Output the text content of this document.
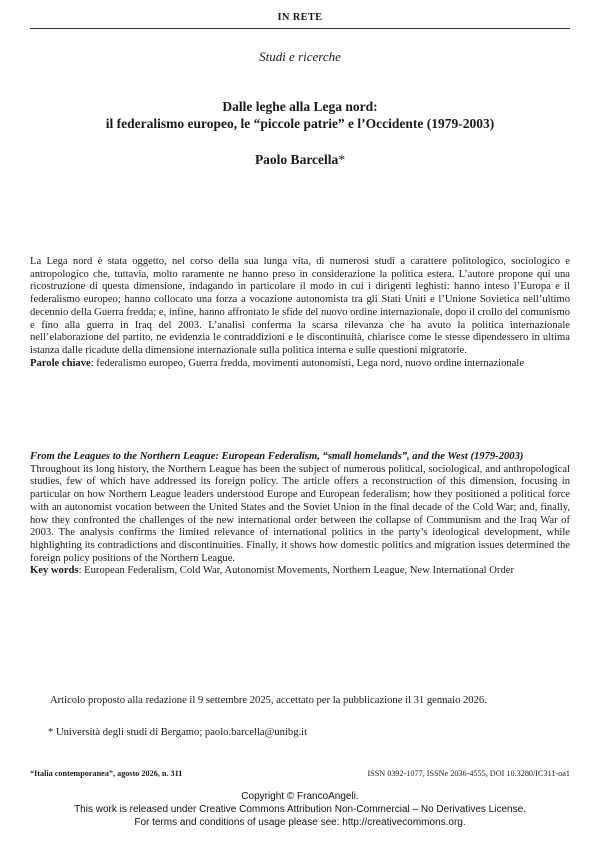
IN RETE
Studi e ricerche
Dalle leghe alla Lega nord:
il federalismo europeo, le “piccole patrie” e l’Occidente (1979-2003)
Paolo Barcella*

La Lega nord è stata oggetto, nel corso della sua lunga vita, di numerosi studi a carattere politologico, sociologico e antropologico che, tuttavia, molto raramente ne hanno preso in considerazione la politica estera. L’autore propone qui una ricostruzione di questa dimensione, indagando in particolare il modo in cui i dirigenti leghisti: hanno inteso l’Europa e il federalismo europeo; hanno collocato una forza a vocazione autonomista tra gli Stati Uniti e l’Unione Sovietica nell’ultimo decennio della Guerra fredda; e, infine, hanno affrontato le sfide del nuovo ordine internazionale, dopo il crollo del comunismo e fino alla guerra in Iraq del 2003. L’analisi conferma la scarsa rilevanza che ha avuto la politica internazionale nell’elaborazione del partito, ne evidenzia le contraddizioni e le discontinuità, chiarisce come le stesse dipendessero in ultima istanza dalle ricadute della dimensione internazionale sulla politica interna e sulle questioni migratorie.

Parole chiave: federalismo europeo, Guerra fredda, movimenti autonomisti, Lega nord, nuovo ordine internazionale

From the Leagues to the Northern League: European Federalism, “small homelands”, and the West (1979-2003)

Throughout its long history, the Northern League has been the subject of numerous political, sociological, and anthropological studies, few of which have addressed its foreign policy. The article offers a reconstruction of this dimension, focusing in particular on how Northern League leaders understood Europe and European federalism; how they positioned a political force with an autonomist vocation between the United States and the Soviet Union in the final decade of the Cold War; and, finally, how they confronted the challenges of the new international order between the collapse of Communism and the Iraq War of 2003. The analysis confirms the limited relevance of international politics in the party’s ideological development, while highlighting its contradictions and discontinuities. Finally, it shows how domestic politics and migration issues determined the foreign policy positions of the Northern League.

Key words: European Federalism, Cold War, Autonomist Movements, Northern League, New International Order

Articolo proposto alla redazione il 9 settembre 2025, accettato per la pubblicazione il 31 gennaio 2026.

* Università degli studi di Bergamo; paolo.barcella@unibg.it
“Italia contemporanea”, agosto 2026, n. 311	ISSN 0392-1077, ISSNe 2036-4555, DOI 10.3280/IC311-oa1
Copyright © FrancoAngeli.
This work is released under Creative Commons Attribution Non-Commercial – No Derivatives License.
For terms and conditions of usage please see: http://creativecommons.org.
